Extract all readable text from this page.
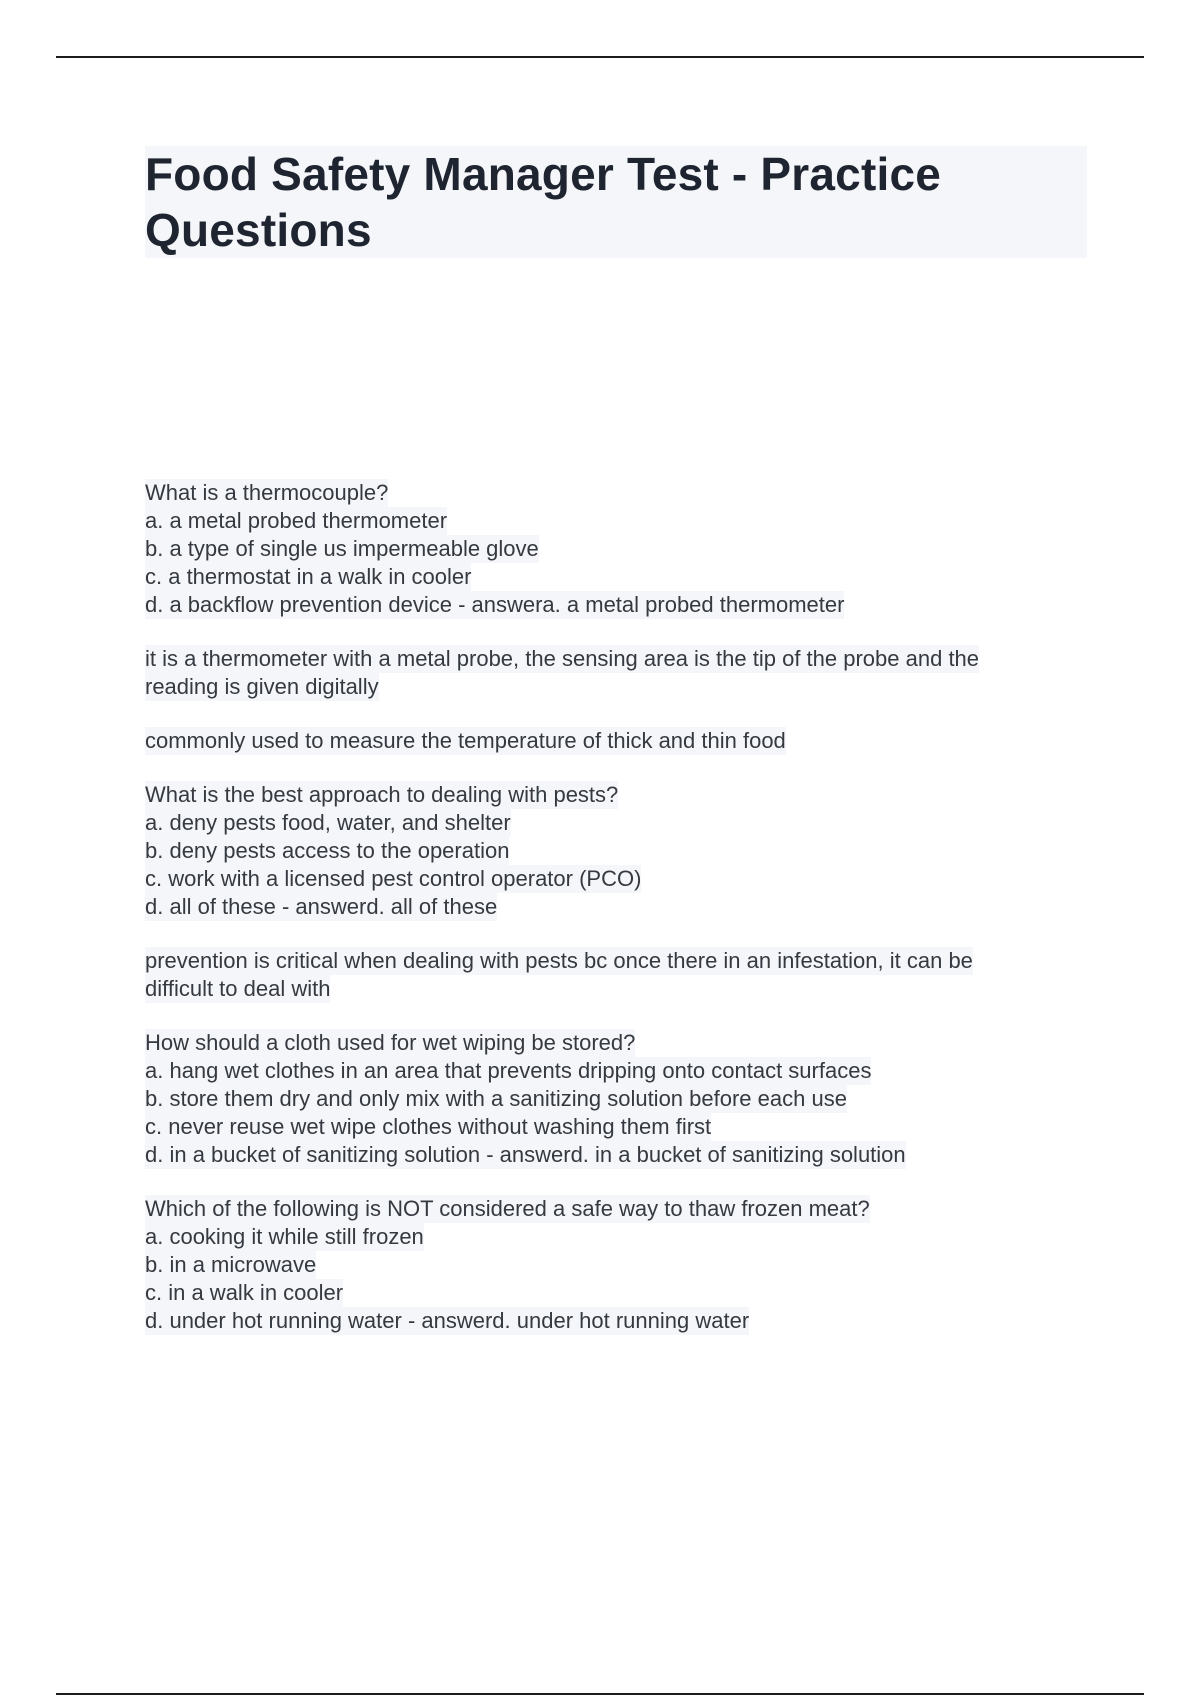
Food Safety Manager Test - Practice
Questions
What is a thermocouple?
a. a metal probed thermometer
b. a type of single us impermeable glove
c. a thermostat in a walk in cooler
d. a backflow prevention device - answera. a metal probed thermometer
it is a thermometer with a metal probe, the sensing area is the tip of the probe and the
reading is given digitally
commonly used to measure the temperature of thick and thin food
What is the best approach to dealing with pests?
a. deny pests food, water, and shelter
b. deny pests access to the operation
c. work with a licensed pest control operator (PCO)
d. all of these - answerd. all of these
prevention is critical when dealing with pests bc once there in an infestation, it can be
difficult to deal with
How should a cloth used for wet wiping be stored?
a. hang wet clothes in an area that prevents dripping onto contact surfaces
b. store them dry and only mix with a sanitizing solution before each use
c. never reuse wet wipe clothes without washing them first
d. in a bucket of sanitizing solution - answerd. in a bucket of sanitizing solution
Which of the following is NOT considered a safe way to thaw frozen meat?
a. cooking it while still frozen
b. in a microwave
c. in a walk in cooler
d. under hot running water - answerd. under hot running water
